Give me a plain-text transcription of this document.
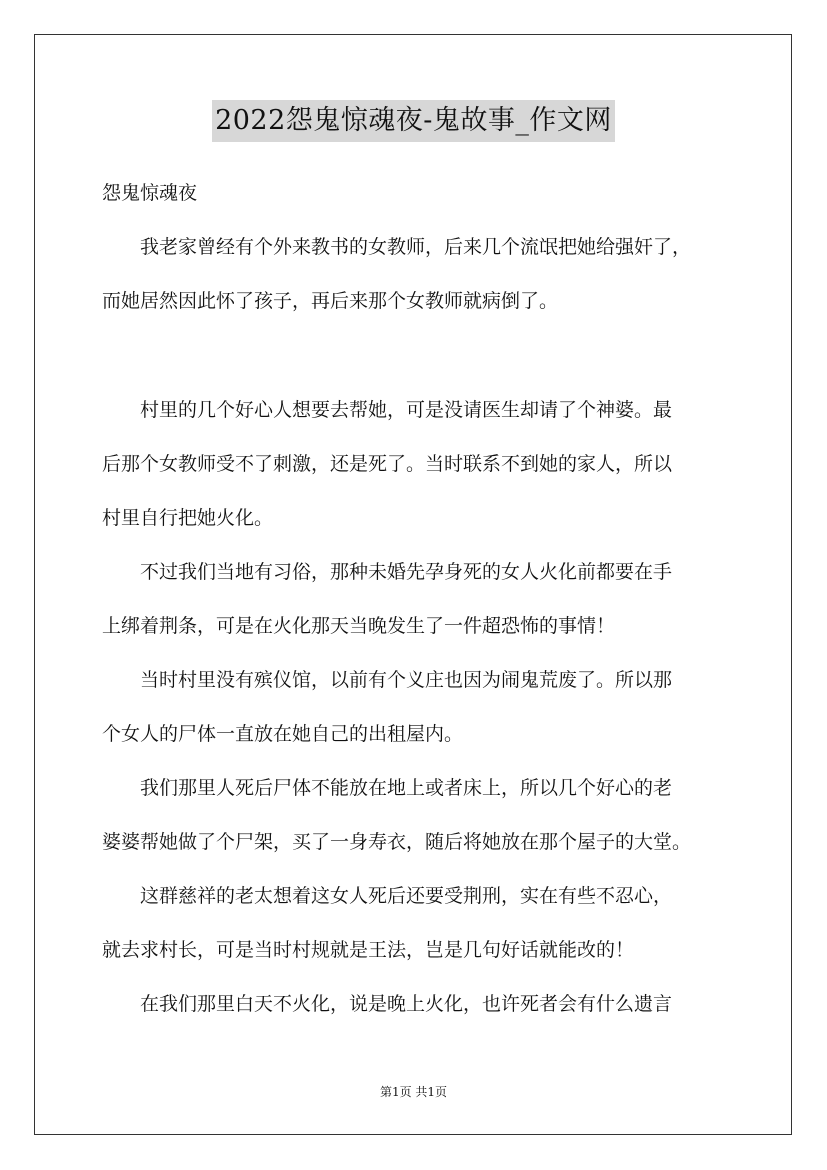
2022怨鬼惊魂夜-鬼故事_作文网
怨鬼惊魂夜
我老家曾经有个外来教书的女教师，后来几个流氓把她给强奸了，
而她居然因此怀了孩子，再后来那个女教师就病倒了。
村里的几个好心人想要去帮她，可是没请医生却请了个神婆。最
后那个女教师受不了刺激，还是死了。当时联系不到她的家人，所以
村里自行把她火化。
不过我们当地有习俗，那种未婚先孕身死的女人火化前都要在手
上绑着荆条，可是在火化那天当晚发生了一件超恐怖的事情！
当时村里没有殡仪馆，以前有个义庄也因为闹鬼荒废了。所以那
个女人的尸体一直放在她自己的出租屋内。
我们那里人死后尸体不能放在地上或者床上，所以几个好心的老
婆婆帮她做了个尸架，买了一身寿衣，随后将她放在那个屋子的大堂。
这群慈祥的老太想着这女人死后还要受荆刑，实在有些不忍心，
就去求村长，可是当时村规就是王法，岂是几句好话就能改的！
在我们那里白天不火化，说是晚上火化，也许死者会有什么遗言
第1页 共1页
